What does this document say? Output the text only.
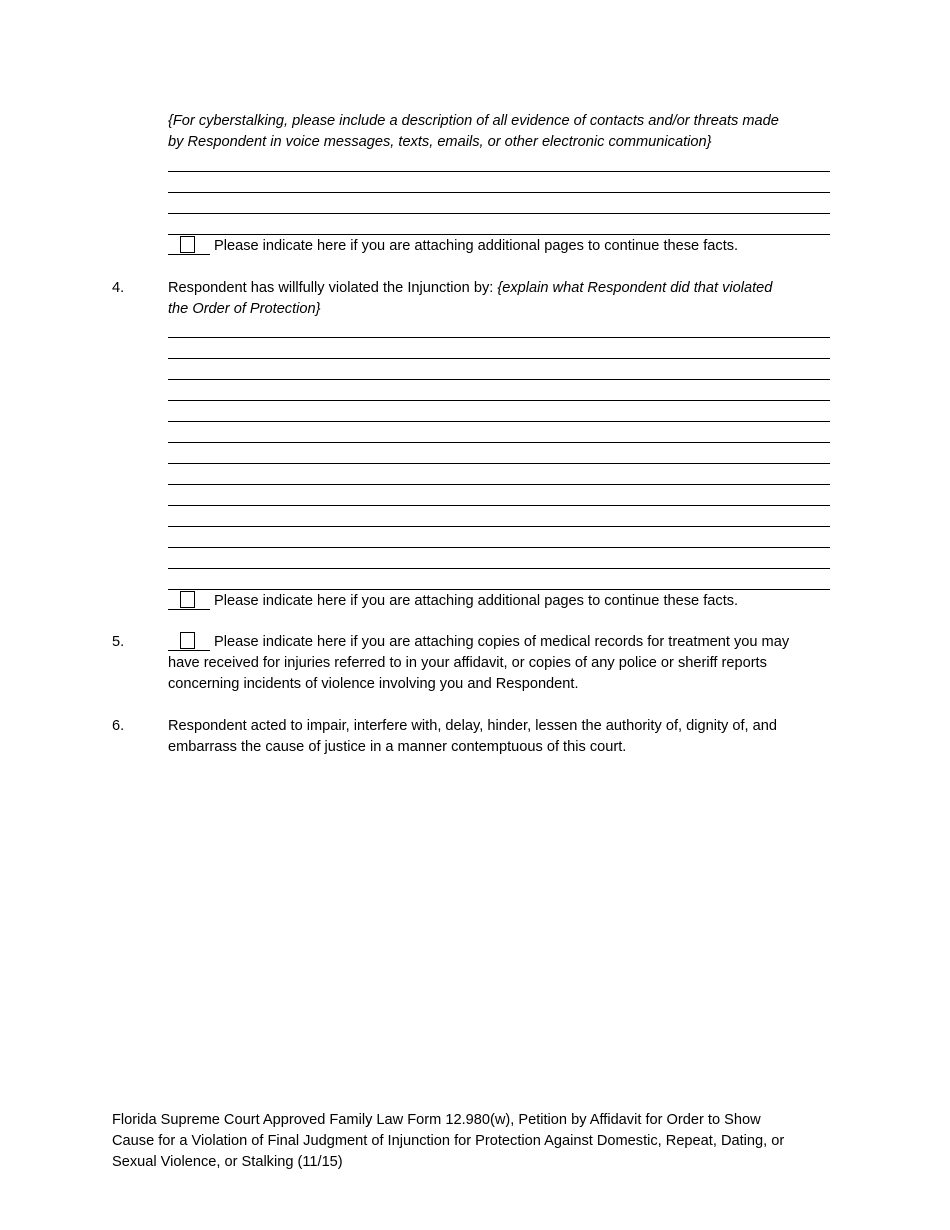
{For cyberstalking, please include a description of all evidence of contacts and/or threats made
by Respondent in voice messages, texts, emails, or other electronic communication}
Please indicate here if you are attaching additional pages to continue these facts.
4.	Respondent has willfully violated the Injunction by: {explain what Respondent did that violated
the Order of Protection}
Please indicate here if you are attaching additional pages to continue these facts.
5.	Please indicate here if you are attaching copies of medical records for treatment you may
have received for injuries referred to in your affidavit, or copies of any police or sheriff reports
concerning incidents of violence involving you and Respondent.
6.	Respondent acted to impair, interfere with, delay, hinder, lessen the authority of, dignity of, and
embarrass the cause of justice in a manner contemptuous of this court.
Florida Supreme Court Approved Family Law Form 12.980(w), Petition by Affidavit for Order to Show
Cause for a Violation of Final Judgment of Injunction for Protection Against Domestic, Repeat, Dating, or
Sexual Violence, or Stalking (11/15)
